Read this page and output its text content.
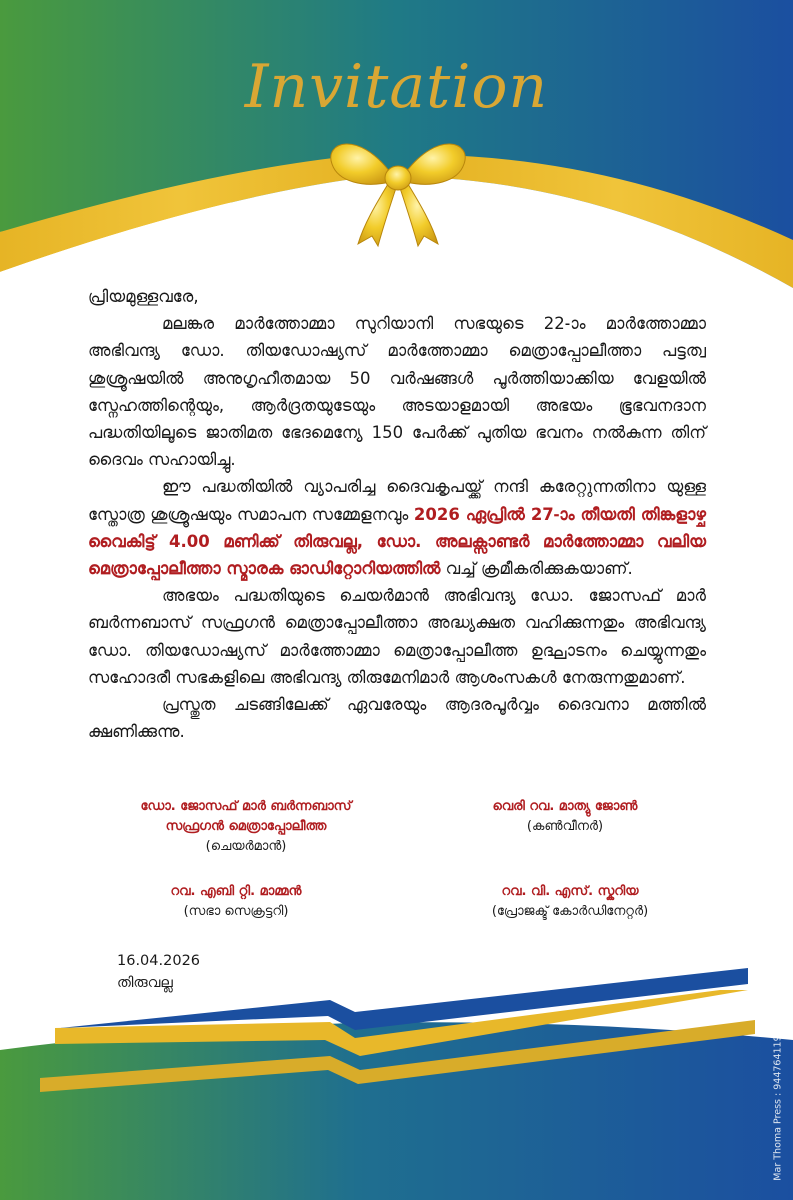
Invitation

പ്രിയമുള്ളവരേ,

മലങ്കര മാർത്തോമ്മാ സുറിയാനി സഭയുടെ 22-ാം മാർത്തോമ്മാ അഭിവന്ദ്യ ഡോ. തിയഡോഷ്യസ് മാർത്തോമ്മാ മെത്രാപ്പോലീത്താ പട്ടത്വ ശുശ്രൂഷയിൽ അനുഗൃഹീതമായ 50 വർഷങ്ങൾ പൂർത്തിയാക്കിയ വേളയിൽ സ്നേഹത്തിന്റെയും, ആർദ്രതയുടേയും അടയാളമായി അഭയം ഭൂഭവനദാന പദ്ധതിയിലൂടെ ജാതിമത ഭേദമെന്യേ 150 പേർക്ക് പുതിയ ഭവനം നൽകുന്ന തിന് ദൈവം സഹായിച്ചു.

ഈ പദ്ധതിയിൽ വ്യാപരിച്ച ദൈവകൃപയ്ക്ക് നന്ദി കരേറ്റുന്നതിനാ യുള്ള സ്തോത്ര ശുശ്രൂഷയും സമാപന സമ്മേളനവും 2026 ഏപ്രിൽ 27-ാം തീയതി തിങ്കളാഴ്ച വൈകിട്ട് 4.00 മണിക്ക് തിരുവല്ല, ഡോ. അലക്സാണ്ടർ മാർത്തോമ്മാ വലിയ മെത്രാപ്പോലീത്താ സ്മാരക ഓഡിറ്റോറിയത്തിൽ വച്ച് ക്രമീകരിക്കുകയാണ്.

അഭയം പദ്ധതിയുടെ ചെയർമാൻ അഭിവന്ദ്യ ഡോ. ജോസഫ് മാർ ബർന്നബാസ് സഫ്രഗൻ മെത്രാപ്പോലീത്താ അദ്ധ്യക്ഷത വഹിക്കുന്നതും അഭിവന്ദ്യ ഡോ. തിയഡോഷ്യസ് മാർത്തോമ്മാ മെത്രാപ്പോലീത്ത ഉദ്ഘാടനം ചെയ്യുന്നതും സഹോദരീ സഭകളിലെ അഭിവന്ദ്യ തിരുമേനിമാർ ആശംസകൾ നേരുന്നതുമാണ്.

പ്രസ്തുത ചടങ്ങിലേക്ക് ഏവരേയും ആദരപൂർവ്വം ദൈവനാ മത്തിൽ ക്ഷണിക്കുന്നു.

ഡോ. ജോസഫ് മാർ ബർന്നബാസ്
സഫ്രഗൻ മെത്രാപ്പോലീത്ത
(ചെയർമാൻ)
വെരി റവ. മാത്യു ജോൺ
(കൺവീനർ)
റവ. എബി റ്റി. മാമ്മൻ
(സഭാ സെക്രട്ടറി)
റവ. വി. എസ്. സ്കറിയ
(പ്രോജക്ട് കോർഡിനേറ്റർ)
16.04.2026
തിരുവല്ല
Mar Thoma Press : 9447641191
